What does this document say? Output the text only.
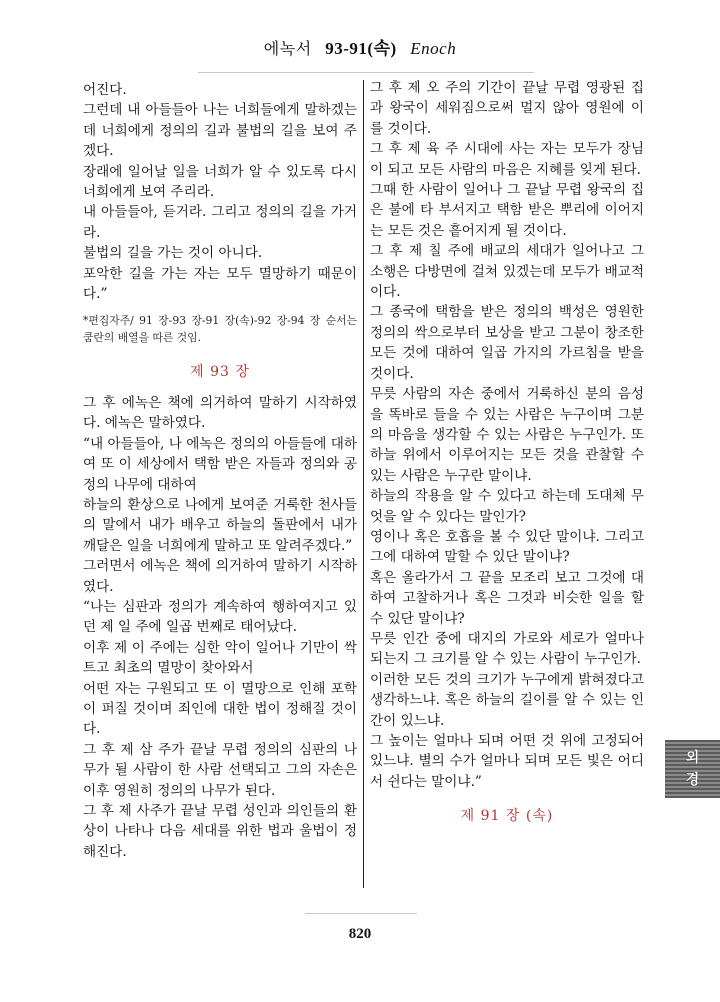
에녹서 93-91(속) Enoch

어진다.

그런데 내 아들들아 나는 너희들에게 말하겠는데 너희에게 정의의 길과 불법의 길을 보여 주겠다.

장래에 일어날 일을 너희가 알 수 있도록 다시 너희에게 보여 주리라.

내 아들들아, 듣거라. 그리고 정의의 길을 가거라.

불법의 길을 가는 것이 아니다.

포악한 길을 가는 자는 모두 멸망하기 때문이다.”

*편집자주/ 91 장-93 장-91 장(속)-92 장-94 장 순서는 쿰란의 배열을 따른 것임.

제 93 장

그 후 에녹은 책에 의거하여 말하기 시작하였다. 에녹은 말하였다.

“내 아들들아, 나 에녹은 정의의 아들들에 대하여 또 이 세상에서 택함 받은 자들과 정의와 공정의 나무에 대하여

하늘의 환상으로 나에게 보여준 거룩한 천사들의 말에서 내가 배우고 하늘의 돌판에서 내가 깨달은 일을 너희에게 말하고 또 알려주겠다.”

그러면서 에녹은 책에 의거하여 말하기 시작하였다.

“나는 심판과 정의가 계속하여 행하여지고 있던 제 일 주에 일곱 번째로 태어났다.

이후 제 이 주에는 심한 악이 일어나 기만이 싹트고 최초의 멸망이 찾아와서

어떤 자는 구원되고 또 이 멸망으로 인해 포학이 퍼질 것이며 죄인에 대한 법이 정해질 것이다.

그 후 제 삼 주가 끝날 무렵 정의의 심판의 나무가 될 사람이 한 사람 선택되고 그의 자손은 이후 영원히 정의의 나무가 된다.

그 후 제 사주가 끝날 무렵 성인과 의인들의 환상이 나타나 다음 세대를 위한 법과 울법이 정해진다.

그 후 제 오 주의 기간이 끝날 무렵 영광된 집과 왕국이 세워짐으로써 멀지 않아 영원에 이를 것이다.

그 후 제 육 주 시대에 사는 자는 모두가 장님이 되고 모든 사람의 마음은 지혜를 잊게 된다.

그때 한 사람이 일어나 그 끝날 무렵 왕국의 집은 불에 타 부서지고 택함 받은 뿌리에 이어지는 모든 것은 흩어지게 될 것이다.

그 후 제 칠 주에 배교의 세대가 일어나고 그 소행은 다방면에 걸쳐 있겠는데 모두가 배교적이다.

그 종국에 택함을 받은 정의의 백성은 영원한 정의의 싹으로부터 보상을 받고 그분이 창조한 모든 것에 대하여 일곱 가지의 가르침을 받을 것이다.

무릇 사람의 자손 중에서 거룩하신 분의 음성을 똑바로 들을 수 있는 사람은 누구이며 그분의 마음을 생각할 수 있는 사람은 누구인가. 또 하늘 위에서 이루어지는 모든 것을 관찰할 수 있는 사람은 누구란 말이냐.

하늘의 작용을 알 수 있다고 하는데 도대체 무엇을 알 수 있다는 말인가?

영이나 혹은 호흡을 볼 수 있단 말이냐. 그리고 그에 대하여 말할 수 있단 말이냐?

혹은 올라가서 그 끝을 모조리 보고 그것에 대하여 고찰하거나 혹은 그것과 비슷한 일을 할 수 있단 말이냐?

무릇 인간 중에 대지의 가로와 세로가 얼마나 되는지 그 크기를 알 수 있는 사람이 누구인가.

이러한 모든 것의 크기가 누구에게 밝혀졌다고 생각하느냐. 혹은 하늘의 길이를 알 수 있는 인간이 있느냐.

그 높이는 얼마나 되며 어떤 것 위에 고정되어 있느냐. 별의 수가 얼마나 되며 모든 빛은 어디서 쉰다는 말이냐.”

제 91 장 (속)

외
경
820
